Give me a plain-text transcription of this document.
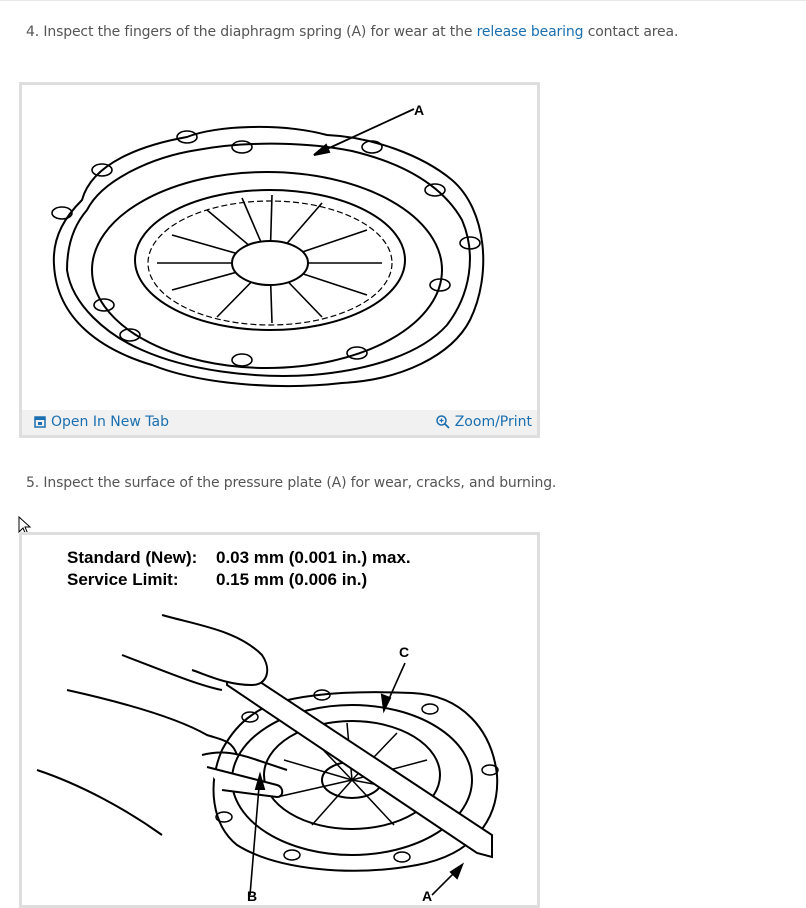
4. Inspect the fingers of the diaphragm spring (A) for wear at the release bearing contact area.
A
Open In New Tab	Zoom/Print
5. Inspect the surface of the pressure plate (A) for wear, cracks, and burning.
Standard (New): 0.03 mm (0.001 in.) max.
Service Limit: 0.15 mm (0.006 in.)
C
B	A
